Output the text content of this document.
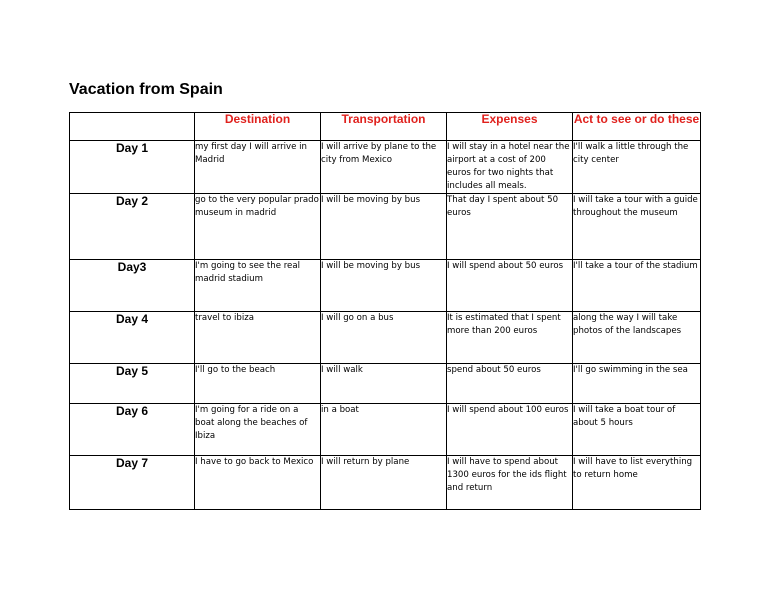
Vacation from Spain
	Destination	Transportation	Expenses	Act to see or do these
Day 1	my first day I will arrive in Madrid	I will arrive by plane to the city from Mexico	I will stay in a hotel near the airport at a cost of 200 euros for two nights that includes all meals.	I'll walk a little through the city center
Day 2	go to the very popular prado museum in madrid	I will be moving by bus	That day I spent about 50 euros	I will take a tour with a guide throughout the museum
Day3	I'm going to see the real madrid stadium	I will be moving by bus	I will spend about 50 euros	I'll take a tour of the stadium
Day 4	travel to ibiza	I will go on a bus	It is estimated that I spent more than 200 euros	along the way I will take photos of the landscapes
Day 5	I'll go to the beach	I will walk	spend about 50 euros	I'll go swimming in the sea
Day 6	I'm going for a ride on a boat along the beaches of Ibiza	in a boat	I will spend about 100 euros	I will take a boat tour of about 5 hours
Day 7	I have to go back to Mexico	I will return by plane	I will have to spend about 1300 euros for the ids flight and return	I will have to list everything to return home
